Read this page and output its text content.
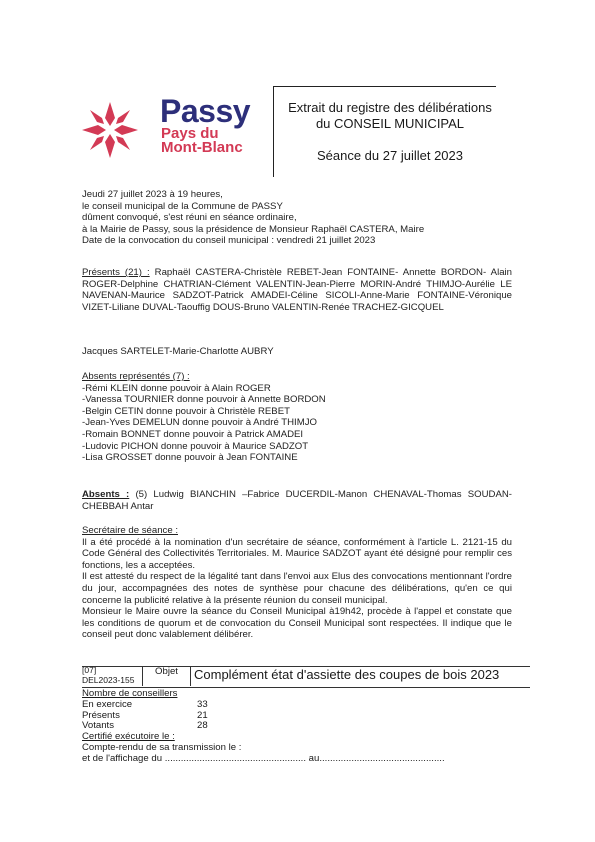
Passy
Pays du
Mont-Blanc
Extrait du registre des délibérations
du CONSEIL MUNICIPAL
Séance du 27 juillet 2023
Jeudi 27 juillet 2023 à 19 heures,
le conseil municipal de la Commune de PASSY
dûment convoqué, s'est réuni en séance ordinaire,
à la Mairie de Passy, sous la présidence de Monsieur Raphaël CASTERA, Maire
Date de la convocation du conseil municipal : vendredi 21 juillet 2023
Présents (21) : Raphaël CASTERA-Christèle REBET-Jean FONTAINE- Annette BORDON- Alain ROGER-Delphine CHATRIAN-Clément VALENTIN-Jean-Pierre MORIN-André THIMJO-Aurélie LE NAVENAN-Maurice SADZOT-Patrick AMADEI-Céline SICOLI-Anne-Marie FONTAINE-Véronique VIZET-Liliane DUVAL-Taouffig DOUS-Bruno VALENTIN-Renée TRACHEZ-GICQUEL
Jacques SARTELET-Marie-Charlotte AUBRY
Absents représentés (7) :
-Rémi KLEIN donne pouvoir à Alain ROGER
-Vanessa TOURNIER donne pouvoir à Annette BORDON
-Belgin CETIN donne pouvoir à Christèle REBET
-Jean-Yves DEMELUN donne pouvoir à André THIMJO
-Romain BONNET donne pouvoir à Patrick AMADEI
-Ludovic PICHON donne pouvoir à Maurice SADZOT
-Lisa GROSSET donne pouvoir à Jean FONTAINE
Absents : (5) Ludwig BIANCHIN –Fabrice DUCERDIL-Manon CHENAVAL-Thomas SOUDAN-CHEBBAH Antar
Secrétaire de séance :
Il a été procédé à la nomination d'un secrétaire de séance, conformément à l'article L. 2121-15 du Code Général des Collectivités Territoriales. M. Maurice SADZOT ayant été désigné pour remplir ces fonctions, les a acceptées.
Il est attesté du respect de la légalité tant dans l'envoi aux Elus des convocations mentionnant l'ordre du jour, accompagnées des notes de synthèse pour chacune des délibérations, qu'en ce qui concerne la publicité relative à la présente réunion du conseil municipal.
Monsieur le Maire ouvre la séance du Conseil Municipal à19h42, procède à l'appel et constate que les conditions de quorum et de convocation du Conseil Municipal sont respectées. Il indique que le conseil peut donc valablement délibérer.
[07]
DEL2023-155
Objet	Complément état d'assiette des coupes de bois 2023
Nombre de conseillers
En exercice	33
Présents	21
Votants	28
Certifié exécutoire le :
Compte-rendu de sa transmission le :
et de l'affichage du ..................................................... au...............................................
